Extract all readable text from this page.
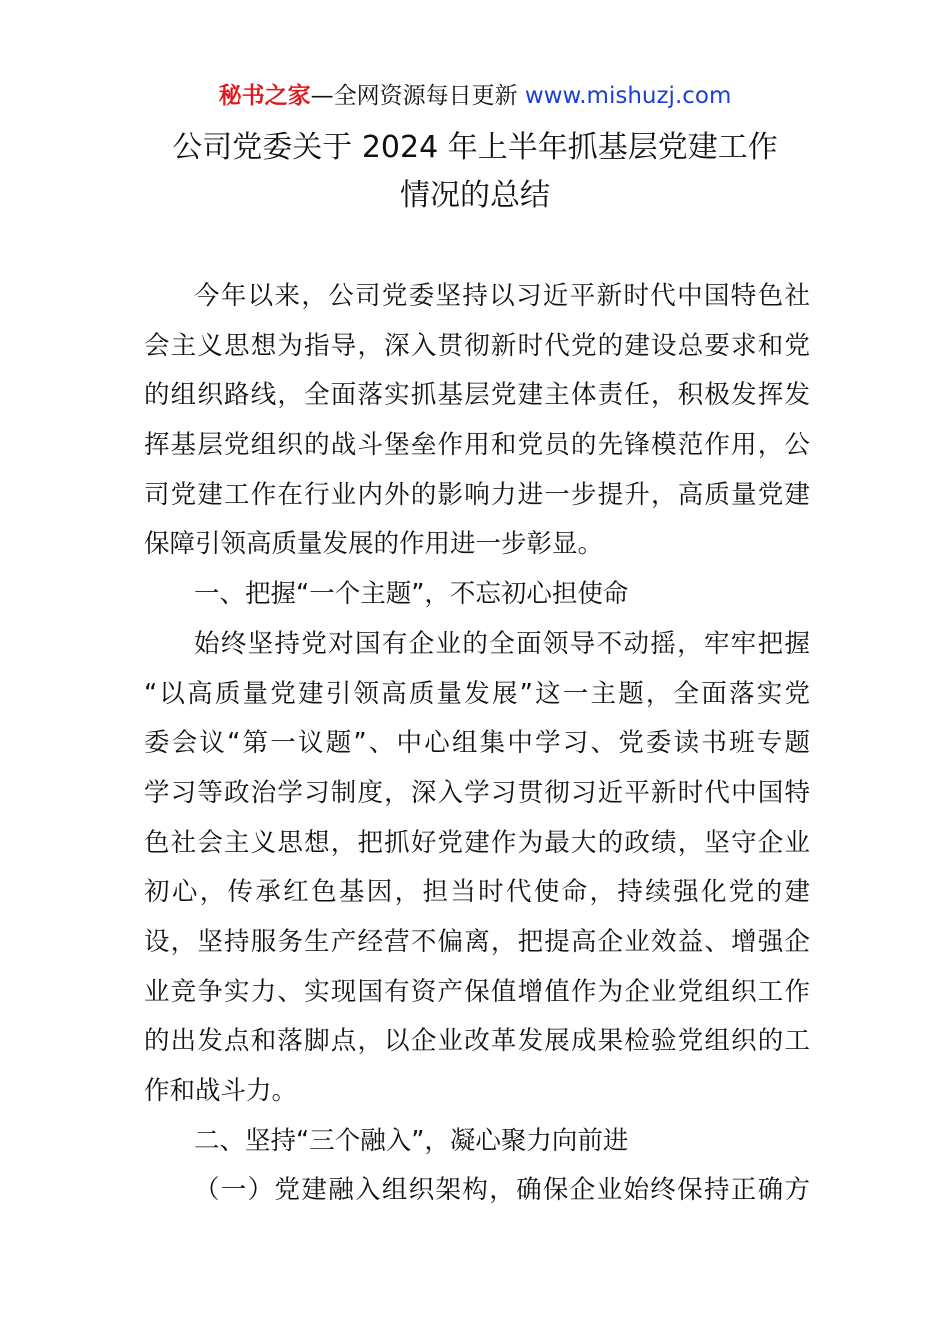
秘书之家—全网资源每日更新 www.mishuzj.com
公司党委关于 2024 年上半年抓基层党建工作
情况的总结
今年以来，公司党委坚持以习近平新时代中国特色社
会主义思想为指导，深入贯彻新时代党的建设总要求和党
的组织路线，全面落实抓基层党建主体责任，积极发挥发
挥基层党组织的战斗堡垒作用和党员的先锋模范作用，公
司党建工作在行业内外的影响力进一步提升，高质量党建
保障引领高质量发展的作用进一步彰显。
一、把握“一个主题”，不忘初心担使命
始终坚持党对国有企业的全面领导不动摇，牢牢把握
“以高质量党建引领高质量发展”这一主题，全面落实党
委会议“第一议题”、中心组集中学习、党委读书班专题
学习等政治学习制度，深入学习贯彻习近平新时代中国特
色社会主义思想，把抓好党建作为最大的政绩，坚守企业
初心，传承红色基因，担当时代使命，持续强化党的建
设，坚持服务生产经营不偏离，把提高企业效益、增强企
业竞争实力、实现国有资产保值增值作为企业党组织工作
的出发点和落脚点，以企业改革发展成果检验党组织的工
作和战斗力。
二、坚持“三个融入”，凝心聚力向前进
（一）党建融入组织架构，确保企业始终保持正确方
